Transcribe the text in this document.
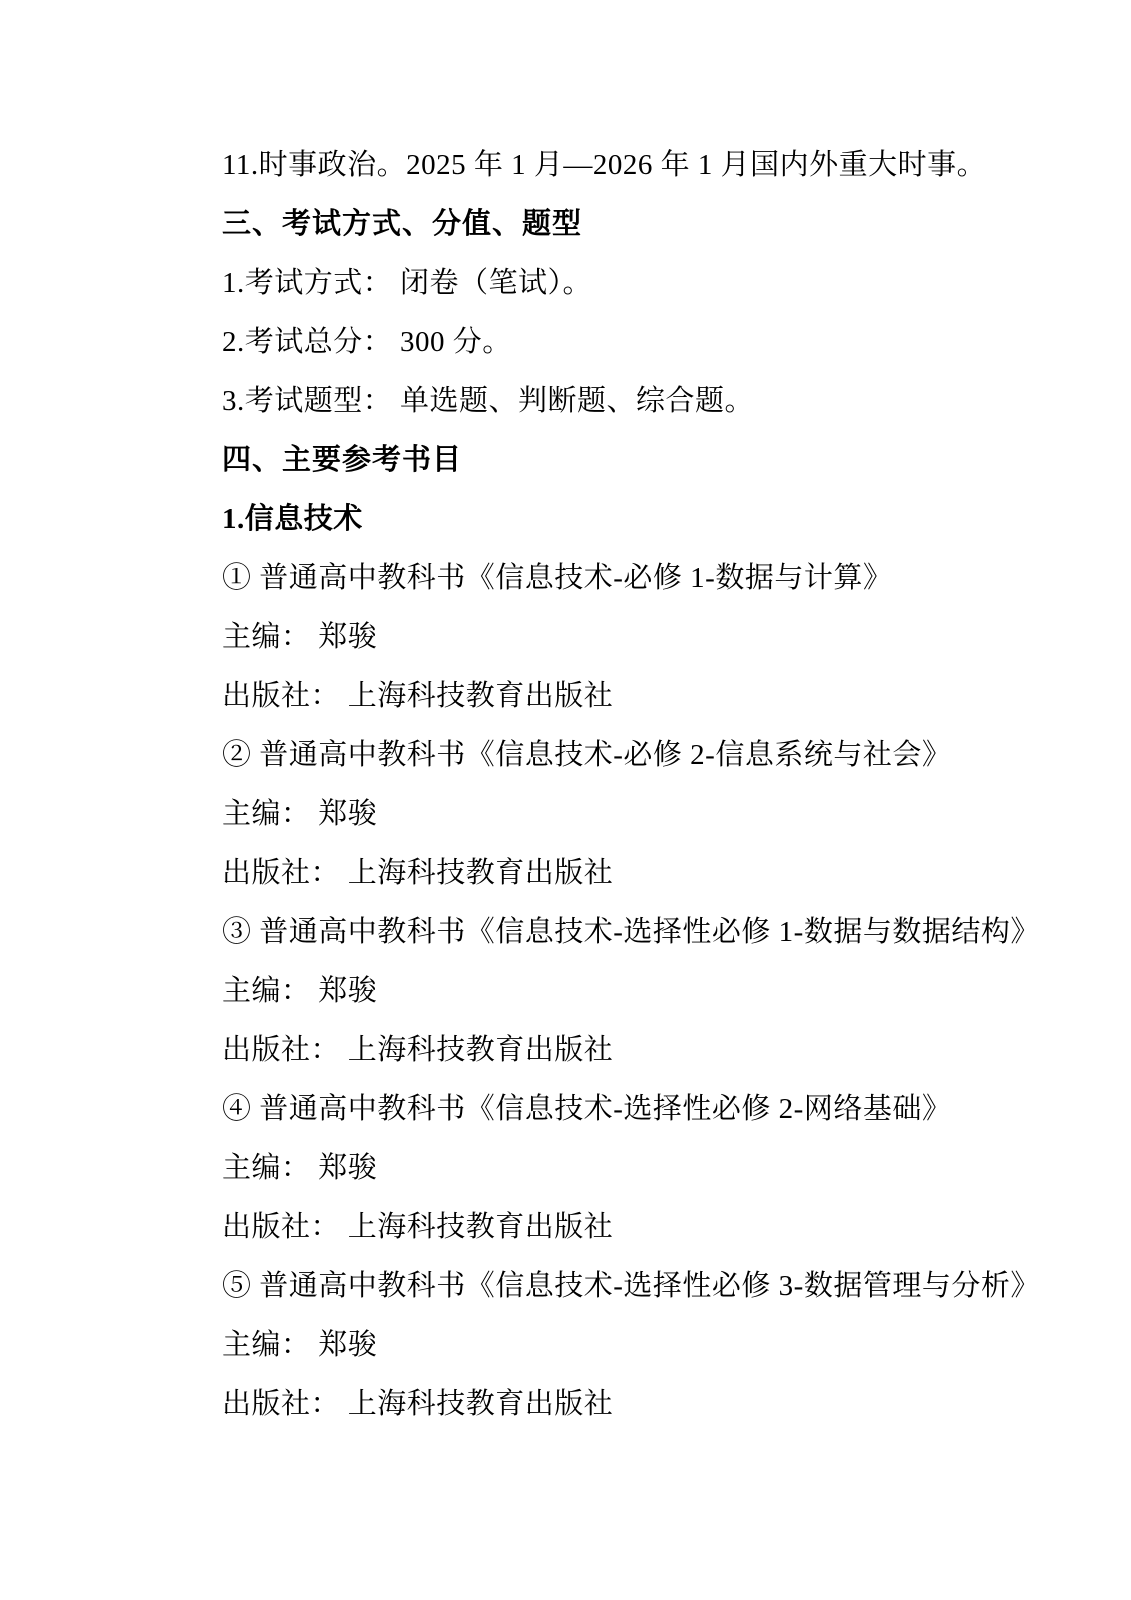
11.时事政治。2025 年 1 月—2026 年 1 月国内外重大时事。

三、考试方式、分值、题型

1.考试方式： 闭卷（笔试）。

2.考试总分： 300 分。

3.考试题型： 单选题、判断题、综合题。

四、主要参考书目

1.信息技术

① 普通高中教科书《信息技术-必修 1-数据与计算》

主编： 郑骏

出版社： 上海科技教育出版社

② 普通高中教科书《信息技术-必修 2-信息系统与社会》

主编： 郑骏

出版社： 上海科技教育出版社

③ 普通高中教科书《信息技术-选择性必修 1-数据与数据结构》

主编： 郑骏

出版社： 上海科技教育出版社

④ 普通高中教科书《信息技术-选择性必修 2-网络基础》

主编： 郑骏

出版社： 上海科技教育出版社

⑤ 普通高中教科书《信息技术-选择性必修 3-数据管理与分析》

主编： 郑骏

出版社： 上海科技教育出版社
